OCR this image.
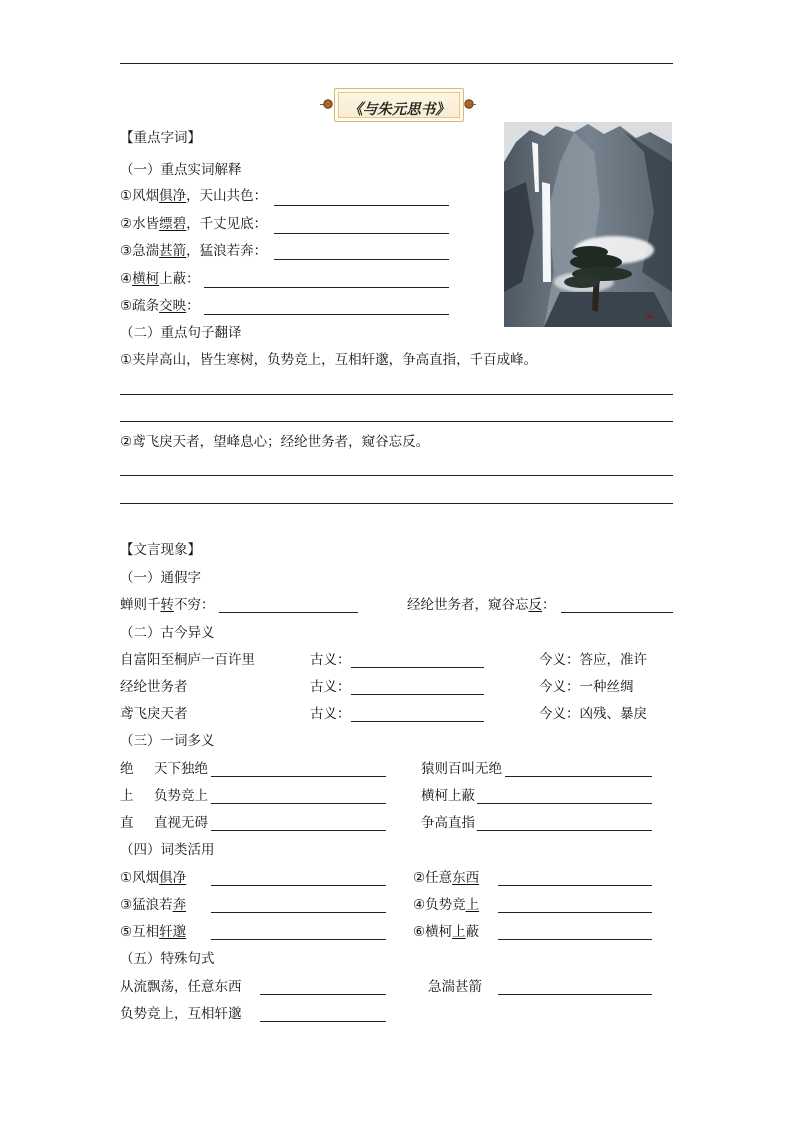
《与朱元思书》
【重点字词】
（一）重点实词解释
①风烟俱净，天山共色：
②水皆缥碧，千丈见底：
③急湍甚箭，猛浪若奔：
④横柯上蔽：
⑤疏条交映：
（二）重点句子翻译
①夹岸高山，皆生寒树，负势竞上，互相轩邈，争高直指，千百成峰。
②鸢飞戾天者，望峰息心；经纶世务者，窥谷忘反。
【文言现象】
（一）通假字
蝉则千转不穷：	经纶世务者，窥谷忘反：
（二）古今异义
自富阳至桐庐一百许里	古义：	今义：答应，准许
经纶世务者	古义：	今义：一种丝绸
鸢飞戾天者	古义：	今义：凶残、暴戾
（三）一词多义
绝 天下独绝	猿则百叫无绝
上 负势竞上	横柯上蔽
直 直视无碍	争高直指
（四）词类活用
①风烟俱净	②任意东西
③猛浪若奔	④负势竞上
⑤互相轩邈	⑥横柯上蔽
（五）特殊句式
从流飘荡，任意东西	急湍甚箭
负势竞上，互相轩邈
